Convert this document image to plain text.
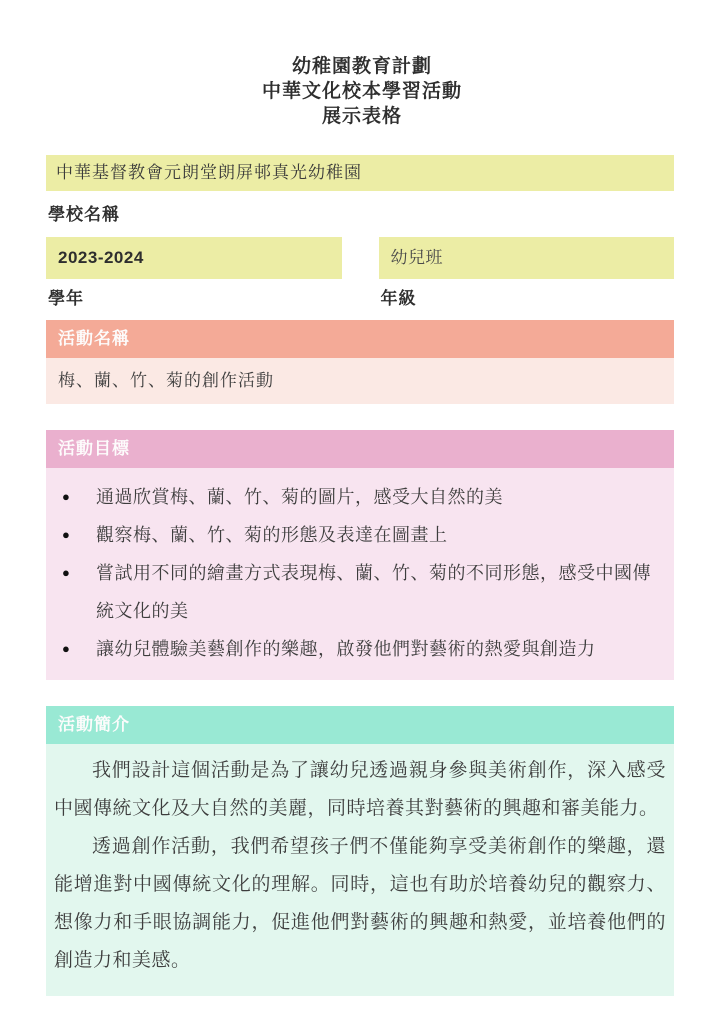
幼稚園教育計劃
中華文化校本學習活動
展示表格
中華基督教會元朗堂朗屏邨真光幼稚園
學校名稱
2023-2024	幼兒班
學年	年級
活動名稱
梅、蘭、竹、菊的創作活動
活動目標
●	通過欣賞梅、蘭、竹、菊的圖片，感受大自然的美
●	觀察梅、蘭、竹、菊的形態及表達在圖畫上
●	嘗試用不同的繪畫方式表現梅、蘭、竹、菊的不同形態，感受中國傳統文化的美
●	讓幼兒體驗美藝創作的樂趣，啟發他們對藝術的熱愛與創造力
活動簡介

我們設計這個活動是為了讓幼兒透過親身參與美術創作，深入感受中國傳統文化及大自然的美麗，同時培養其對藝術的興趣和審美能力。

透過創作活動，我們希望孩子們不僅能夠享受美術創作的樂趣，還能增進對中國傳統文化的理解。同時，這也有助於培養幼兒的觀察力、想像力和手眼協調能力，促進他們對藝術的興趣和熱愛，並培養他們的創造力和美感。
